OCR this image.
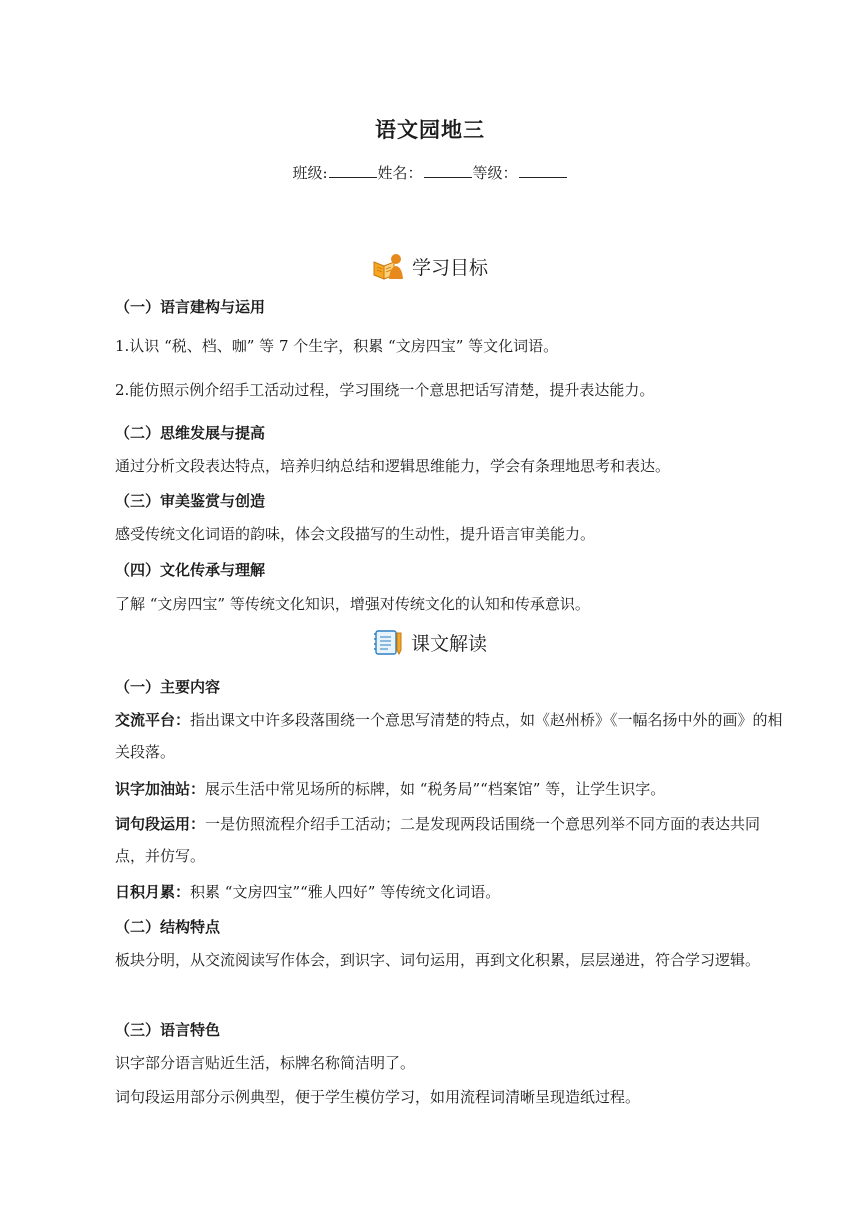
语文园地三

班级:	姓名：	等级：

学习目标

（一）语言建构与运用

1.认识 “税、档、咖” 等 7 个生字，积累 “文房四宝” 等文化词语。

2.能仿照示例介绍手工活动过程，学习围绕一个意思把话写清楚，提升表达能力。

（二）思维发展与提高

通过分析文段表达特点，培养归纳总结和逻辑思维能力，学会有条理地思考和表达。

（三）审美鉴赏与创造

感受传统文化词语的韵味，体会文段描写的生动性，提升语言审美能力。

（四）文化传承与理解

了解 “文房四宝” 等传统文化知识，增强对传统文化的认知和传承意识。

课文解读

（一）主要内容

交流平台：指出课文中许多段落围绕一个意思写清楚的特点，如《赵州桥》《一幅名扬中外的画》的相关段落。

识字加油站：展示生活中常见场所的标牌，如 “税务局”“档案馆” 等，让学生识字。

词句段运用：一是仿照流程介绍手工活动；二是发现两段话围绕一个意思列举不同方面的表达共同点，并仿写。

日积月累：积累 “文房四宝”“雅人四好” 等传统文化词语。

（二）结构特点

板块分明，从交流阅读写作体会，到识字、词句运用，再到文化积累，层层递进，符合学习逻辑。

（三）语言特色

识字部分语言贴近生活，标牌名称简洁明了。

词句段运用部分示例典型，便于学生模仿学习，如用流程词清晰呈现造纸过程。
